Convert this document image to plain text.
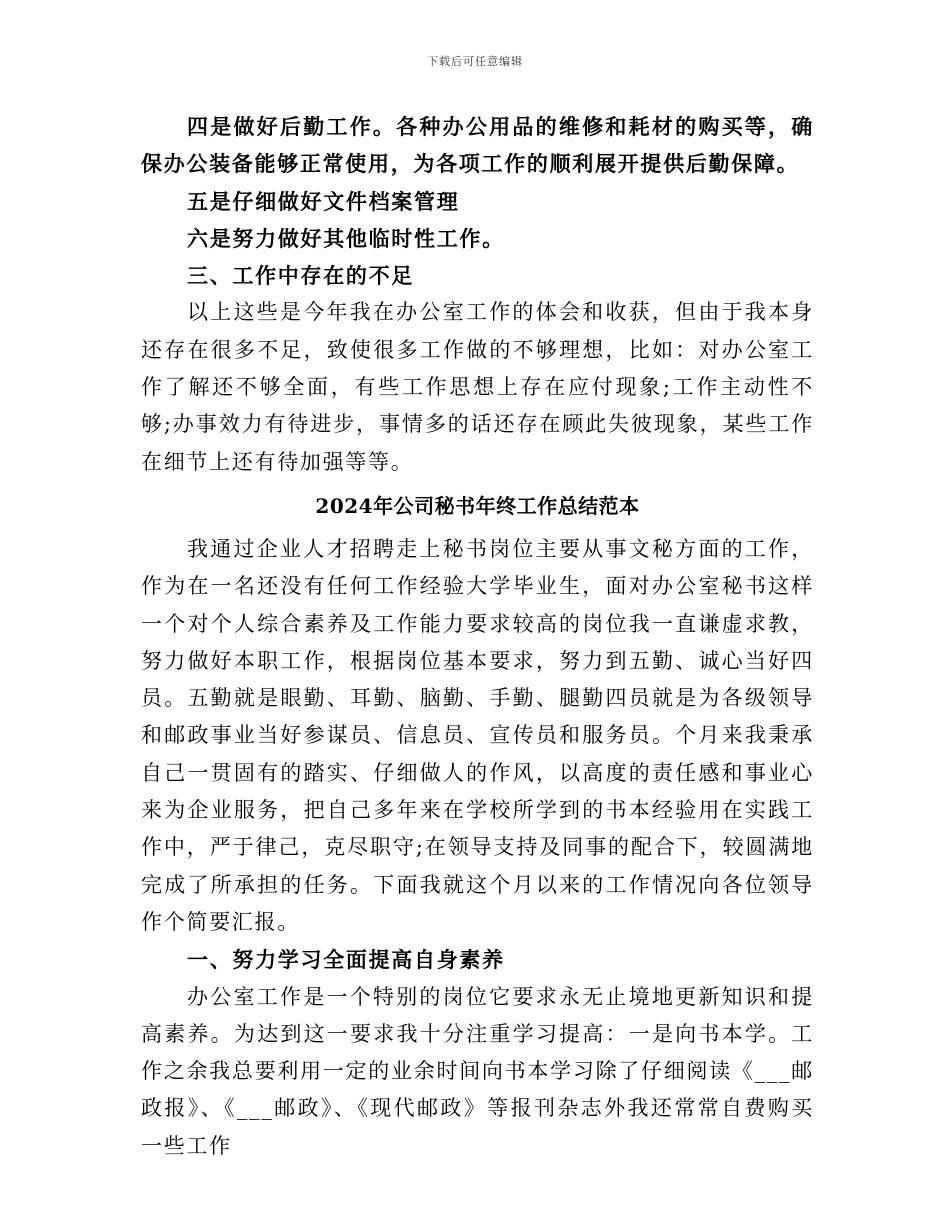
下载后可任意编辑

四是做好后勤工作。各种办公用品的维修和耗材的购买等，确保办公装备能够正常使用，为各项工作的顺利展开提供后勤保障。

五是仔细做好文件档案管理

六是努力做好其他临时性工作。

三、工作中存在的不足

以上这些是今年我在办公室工作的体会和收获，但由于我本身还存在很多不足，致使很多工作做的不够理想，比如：对办公室工作了解还不够全面，有些工作思想上存在应付现象;工作主动性不够;办事效力有待进步，事情多的话还存在顾此失彼现象，某些工作在细节上还有待加强等等。

2024年公司秘书年终工作总结范本

我通过企业人才招聘走上秘书岗位主要从事文秘方面的工作，作为在一名还没有任何工作经验大学毕业生，面对办公室秘书这样一个对个人综合素养及工作能力要求较高的岗位我一直谦虚求教，努力做好本职工作，根据岗位基本要求，努力到五勤、诚心当好四员。五勤就是眼勤、耳勤、脑勤、手勤、腿勤四员就是为各级领导和邮政事业当好参谋员、信息员、宣传员和服务员。个月来我秉承自己一贯固有的踏实、仔细做人的作风，以高度的责任感和事业心来为企业服务，把自己多年来在学校所学到的书本经验用在实践工作中，严于律己，克尽职守;在领导支持及同事的配合下，较圆满地完成了所承担的任务。下面我就这个月以来的工作情况向各位领导作个简要汇报。

一、努力学习全面提高自身素养

办公室工作是一个特别的岗位它要求永无止境地更新知识和提高素养。为达到这一要求我十分注重学习提高：一是向书本学。工作之余我总要利用一定的业余时间向书本学习除了仔细阅读《___邮政报》、《___邮政》、《现代邮政》等报刊杂志外我还常常自费购买一些工作
